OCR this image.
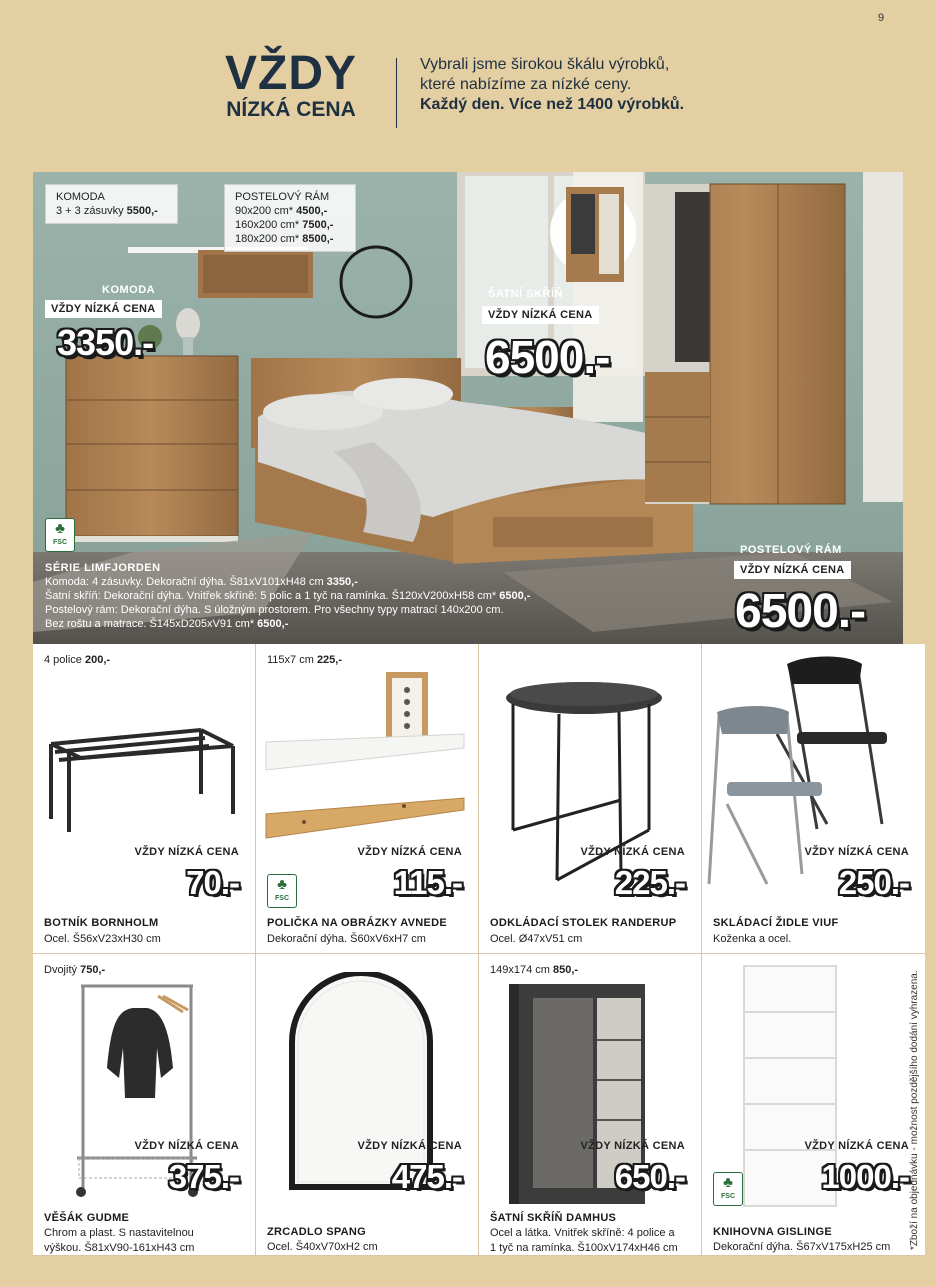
9
VŽDY
NÍZKÁ CENA
Vybrali jsme širokou škálu výrobků,
které nabízíme za nízké ceny.
Každý den. Více než 1400 výrobků.
KOMODA
3 + 3 zásuvky 5500,-
POSTELOVÝ RÁM
90x200 cm* 4500,-
160x200 cm* 7500,-
180x200 cm* 8500,-
KOMODA
VŽDY NÍZKÁ CENA
3350.-
ŠATNÍ SKŘÍŇ
VŽDY NÍZKÁ CENA
6500.-
POSTELOVÝ RÁM
VŽDY NÍZKÁ CENA
6500.-
♣
FSC
SÉRIE LIMFJORDEN
Komoda: 4 zásuvky. Dekorační dýha. Š81xV101xH48 cm 3350,-
Šatní skříň: Dekorační dýha. Vnitřek skříně: 5 polic a 1 tyč na ramínka. Š120xV200xH58 cm* 6500,-
Postelový rám: Dekorační dýha. S úložným prostorem. Pro všechny typy matrací 140x200 cm.
Bez roštu a matrace. Š145xD205xV91 cm* 6500,-
4 police 200,-
VŽDY NÍZKÁ CENA
70.-
BOTNÍK BORNHOLM
Ocel. Š56xV23xH30 cm
115x7 cm 225,-
VŽDY NÍZKÁ CENA
♣
FSC	115.-
POLIČKA NA OBRÁZKY AVNEDE
Dekorační dýha. Š60xV6xH7 cm
VŽDY NÍZKÁ CENA
225.-
ODKLÁDACÍ STOLEK RANDERUP
Ocel. Ø47xV51 cm
VŽDY NÍZKÁ CENA
250.-
SKLÁDACÍ ŽIDLE VIUF
Koženka a ocel.
Dvojitý 750,-
VŽDY NÍZKÁ CENA
375.-
VĚŠÁK GUDME
Chrom a plast. S nastavitelnou
výškou. Š81xV90-161xH43 cm
VŽDY NÍZKÁ CENA
475.-
ZRCADLO SPANG
Ocel. Š40xV70xH2 cm
149x174 cm 850,-
VŽDY NÍZKÁ CENA
650.-
ŠATNÍ SKŘÍŇ DAMHUS
Ocel a látka. Vnitřek skříně: 4 police a
1 tyč na ramínka. Š100xV174xH46 cm
VŽDY NÍZKÁ CENA
♣
FSC
1000.-
KNIHOVNA GISLINGE
Dekorační dýha. Š67xV175xH25 cm	*Zboží na objednávku - možnost pozdějšího dodání vyhrazena.
